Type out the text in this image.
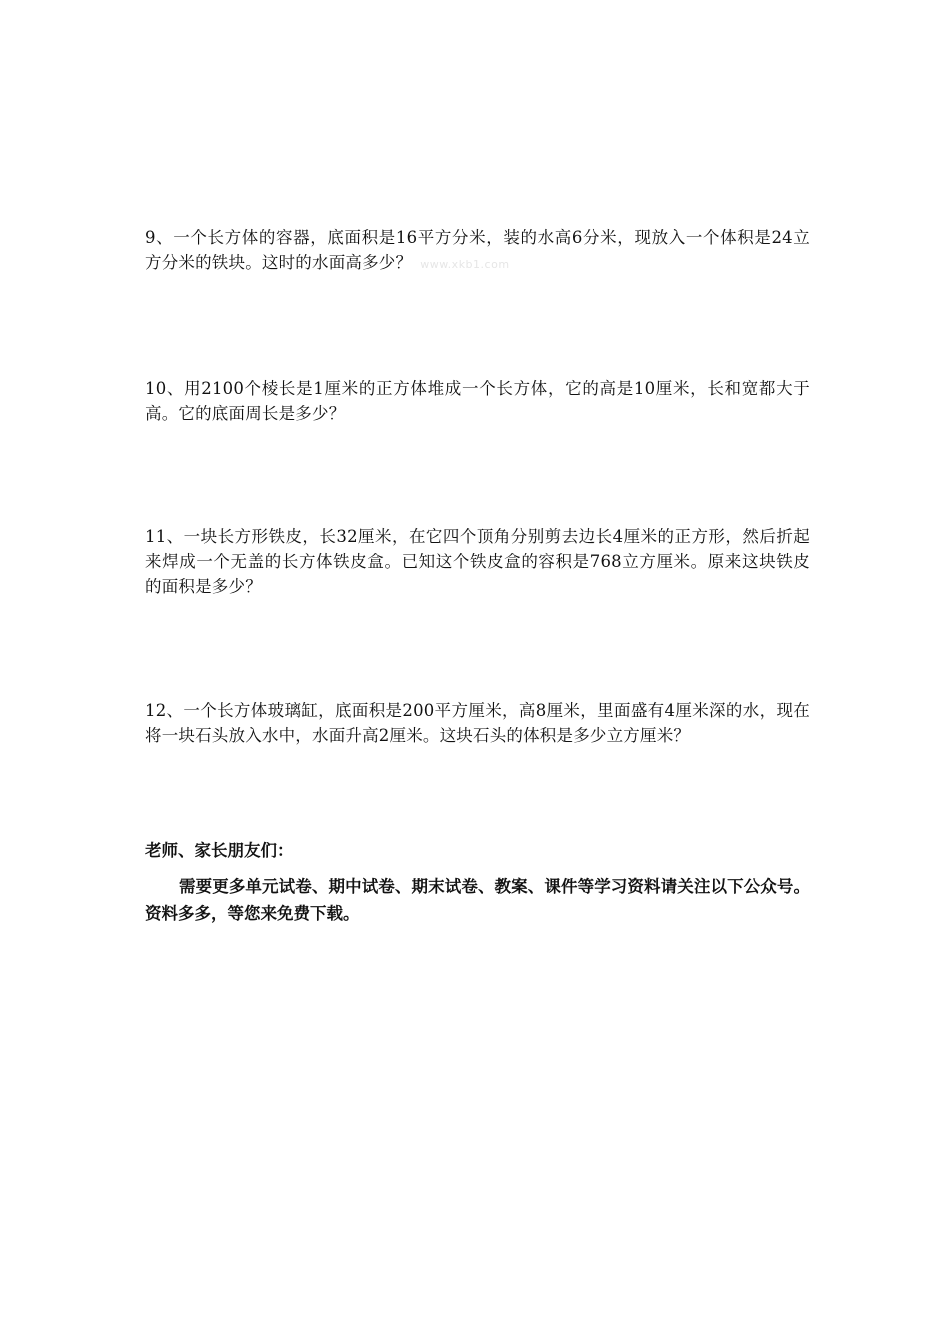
9、一个长方体的容器，底面积是16平方分米，装的水高6分米，现放入一个体积是24立方分米的铁块。这时的水面高多少？ www.xkb1.com
10、用2100个棱长是1厘米的正方体堆成一个长方体，它的高是10厘米，长和宽都大于高。它的底面周长是多少？
11、一块长方形铁皮，长32厘米，在它四个顶角分别剪去边长4厘米的正方形，然后折起来焊成一个无盖的长方体铁皮盒。已知这个铁皮盒的容积是768立方厘米。原来这块铁皮的面积是多少？
12、一个长方体玻璃缸，底面积是200平方厘米，高8厘米，里面盛有4厘米深的水，现在将一块石头放入水中，水面升高2厘米。这块石头的体积是多少立方厘米？
老师、家长朋友们：
需要更多单元试卷、期中试卷、期末试卷、教案、课件等学习资料请关注以下公众号。资料多多，等您来免费下载。
